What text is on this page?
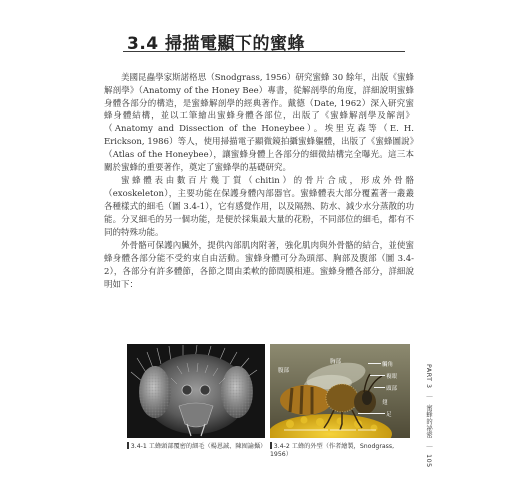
3.4 掃描電顯下的蜜蜂

美國昆蟲學家斯諾格思（Snodgrass, 1956）研究蜜蜂 30 餘年，出版《蜜蜂解剖學》（Anatomy of the Honey Bee）專書，從解剖學的角度，詳細說明蜜蜂身體各部分的構造，是蜜蜂解剖學的經典著作。戴德（Date, 1962）深入研究蜜蜂身體結構，並以工筆繪出蜜蜂身體各部位，出版了《蜜蜂解剖學及解剖》（Anatomy and Dissection of the Honeybee）。埃里克森等（E. H. Erickson, 1986）等人，使用掃描電子顯微鏡拍攝蜜蜂軀體，出版了《蜜蜂圖說》（Atlas of the Honeybee），讓蜜蜂身體上各部分的細微結構完全曝光。這三本關於蜜蜂的重要著作，奠定了蜜蜂學的基礎研究。

蜜蜂體表由數百片幾丁質（chitin）的骨片合成，形成外骨骼（exoskeleton），主要功能在保護身體內部器官。蜜蜂體表大部分覆蓋著一叢叢各種樣式的細毛（圖 3.4-1），它有感覺作用，以及隔熱、防水、減少水分蒸散的功能。分叉細毛的另一個功能，是便於採集最大量的花粉，不同部位的細毛，都有不同的特殊功能。

外骨骼可保護內臟外，提供內部肌肉附著，強化肌肉與外骨骼的結合，並使蜜蜂身體各部分能不受約束自由活動。蜜蜂身體可分為頭部、胸部及腹部（圖 3.4-2），各部分有許多體節，各節之間由柔軟的節間膜相連。蜜蜂身體各部分，詳細說明如下：

觸角
複眼
頭部
胸部
腹部
翅
足
3.4-1 工蜂頭部覆密的細毛（楊恩誠、陳囿諭攝）	3.4-2 工蜂的外型（作者繪製，Snodgrass, 1956）
PART 3 ｜ 蜜蜂的祕密 ｜ 105
